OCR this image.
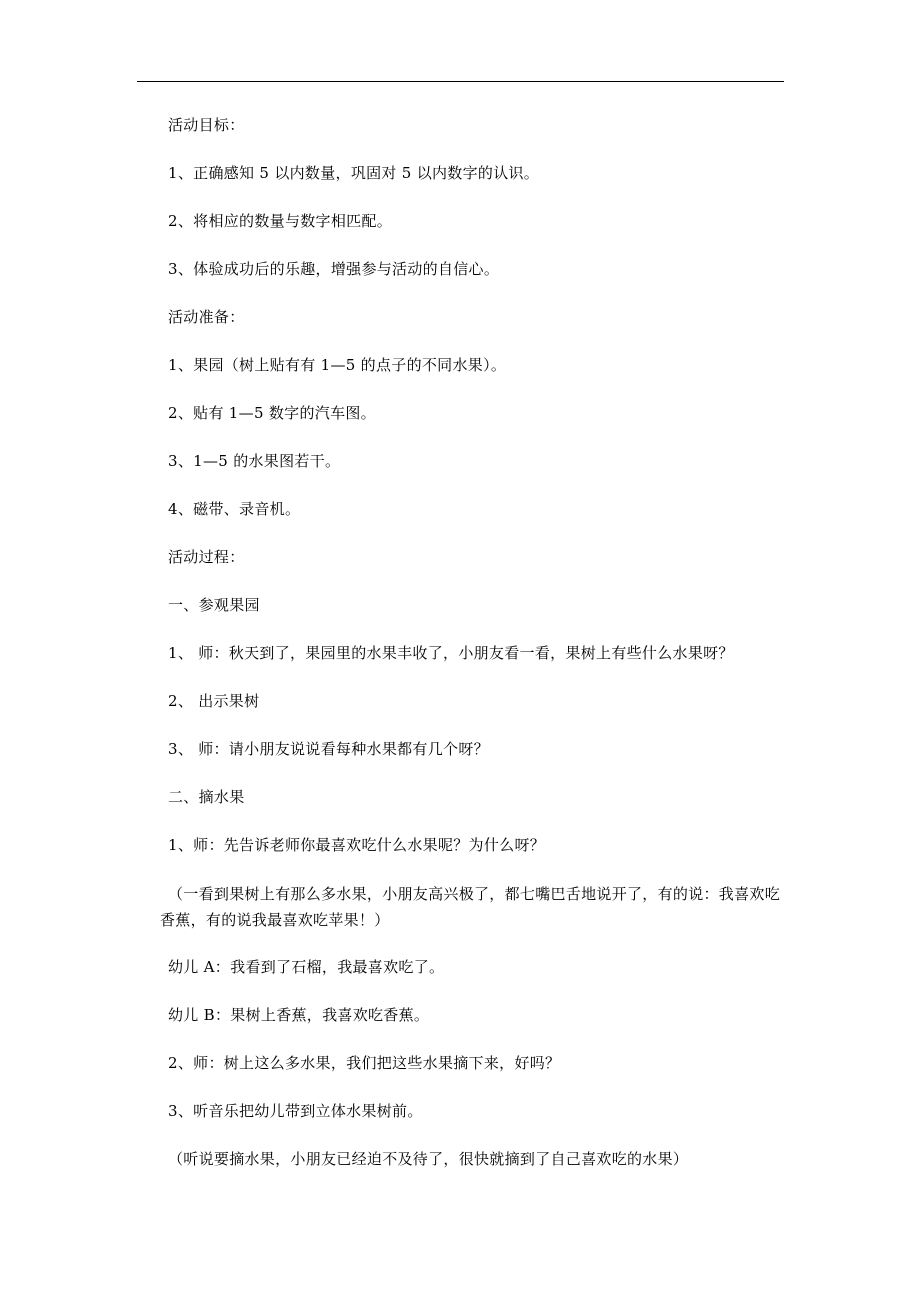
活动目标：
1、正确感知 5 以内数量，巩固对 5 以内数字的认识。
2、将相应的数量与数字相匹配。
3、体验成功后的乐趣，增强参与活动的自信心。
活动准备：
1、果园（树上贴有有 1—5 的点子的不同水果）。
2、贴有 1—5 数字的汽车图。
3、1—5 的水果图若干。
4、磁带、录音机。
活动过程：
一、参观果园
1、 师：秋天到了，果园里的水果丰收了，小朋友看一看，果树上有些什么水果呀？
2、 出示果树
3、 师：请小朋友说说看每种水果都有几个呀？
二、摘水果
1、师：先告诉老师你最喜欢吃什么水果呢？为什么呀？
（一看到果树上有那么多水果，小朋友高兴极了，都七嘴巴舌地说开了，有的说：我喜欢吃香蕉，有的说我最喜欢吃苹果！）
幼儿 A：我看到了石榴，我最喜欢吃了。
幼儿 B：果树上香蕉，我喜欢吃香蕉。
2、师：树上这么多水果，我们把这些水果摘下来，好吗？
3、听音乐把幼儿带到立体水果树前。
（听说要摘水果，小朋友已经迫不及待了，很快就摘到了自己喜欢吃的水果）
